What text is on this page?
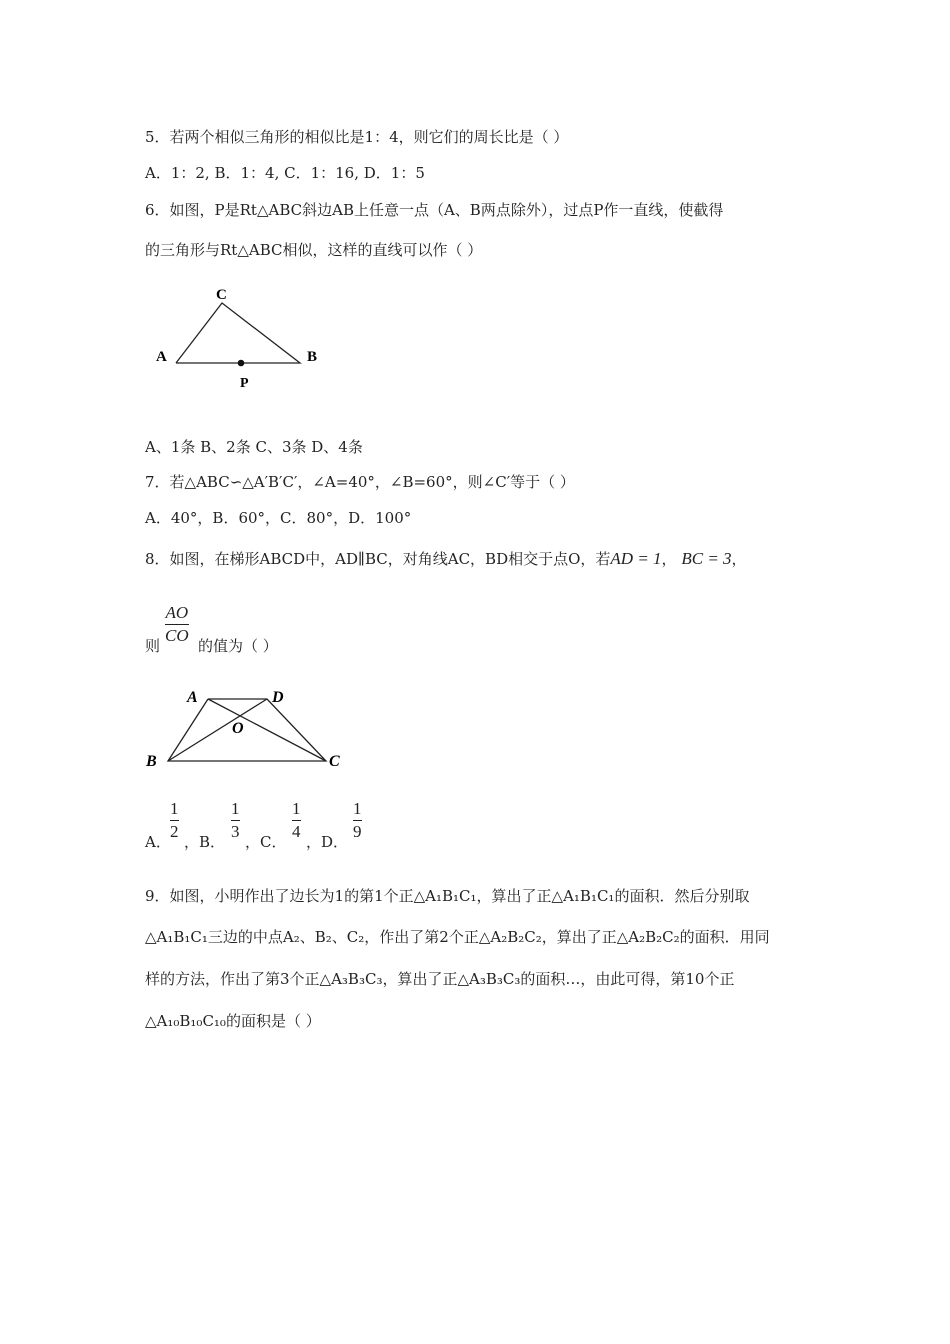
5．若两个相似三角形的相似比是1：4，则它们的周长比是（ ）
A．1：2, B．1：4, C．1：16, D．1：5
6．如图，P是Rt△ABC斜边AB上任意一点（A、B两点除外），过点P作一直线，使截得
的三角形与Rt△ABC相似，这样的直线可以作（ ）
C
A	B
P
A、1条 B、2条 C、3条 D、4条
7．若△ABC∽△A′B′C′，∠A=40°，∠B=60°，则∠C′等于（ ）
A．40°，B．60°，C．80°，D．100°
8．如图，在梯形ABCD中，AD∥BC，对角线AC，BD相交于点O，若AD = 1， BC = 3，
则
AO
CO
的值为（ ）
A	D
O
B	C
A．
1
2
，B．
1
3
，C．
1
4
，D．
1
9
9．如图，小明作出了边长为1的第1个正△A₁B₁C₁，算出了正△A₁B₁C₁的面积．然后分别取
△A₁B₁C₁三边的中点A₂、B₂、C₂，作出了第2个正△A₂B₂C₂，算出了正△A₂B₂C₂的面积．用同
样的方法，作出了第3个正△A₃B₃C₃，算出了正△A₃B₃C₃的面积…，由此可得，第10个正
△A₁₀B₁₀C₁₀的面积是（ ）
